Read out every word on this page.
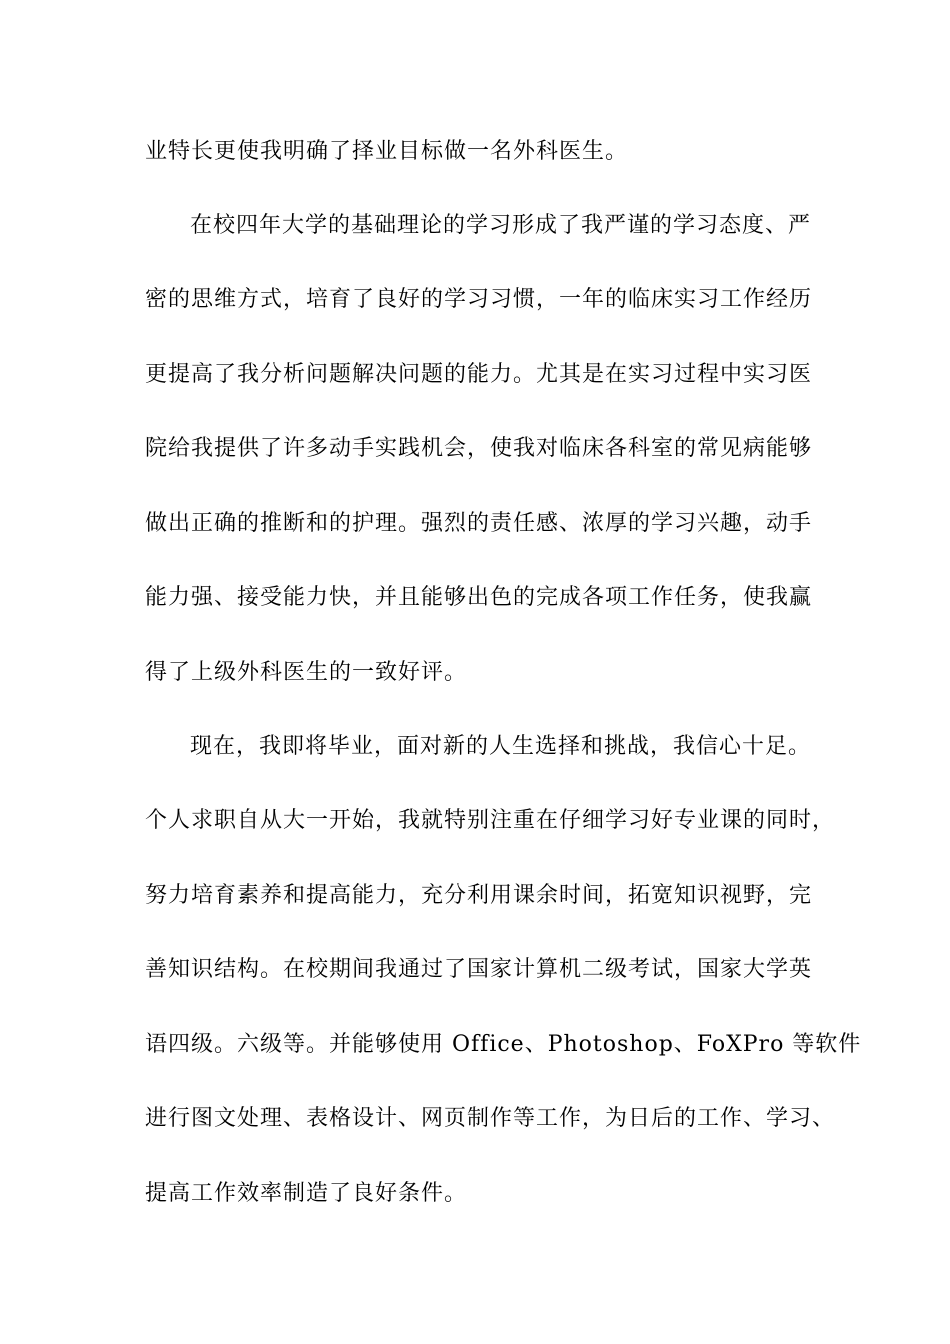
业特长更使我明确了择业目标做一名外科医生。
在校四年大学的基础理论的学习形成了我严谨的学习态度、严
密的思维方式，培育了良好的学习习惯，一年的临床实习工作经历
更提高了我分析问题解决问题的能力。尤其是在实习过程中实习医
院给我提供了许多动手实践机会，使我对临床各科室的常见病能够
做出正确的推断和的护理。强烈的责任感、浓厚的学习兴趣，动手
能力强、接受能力快，并且能够出色的完成各项工作任务，使我赢
得了上级外科医生的一致好评。
现在，我即将毕业，面对新的人生选择和挑战，我信心十足。
个人求职自从大一开始，我就特别注重在仔细学习好专业课的同时，
努力培育素养和提高能力，充分利用课余时间，拓宽知识视野，完
善知识结构。在校期间我通过了国家计算机二级考试，国家大学英
语四级。六级等。并能够使用 Office、Photoshop、FoXPro 等软件
进行图文处理、表格设计、网页制作等工作，为日后的工作、学习、
提高工作效率制造了良好条件。
